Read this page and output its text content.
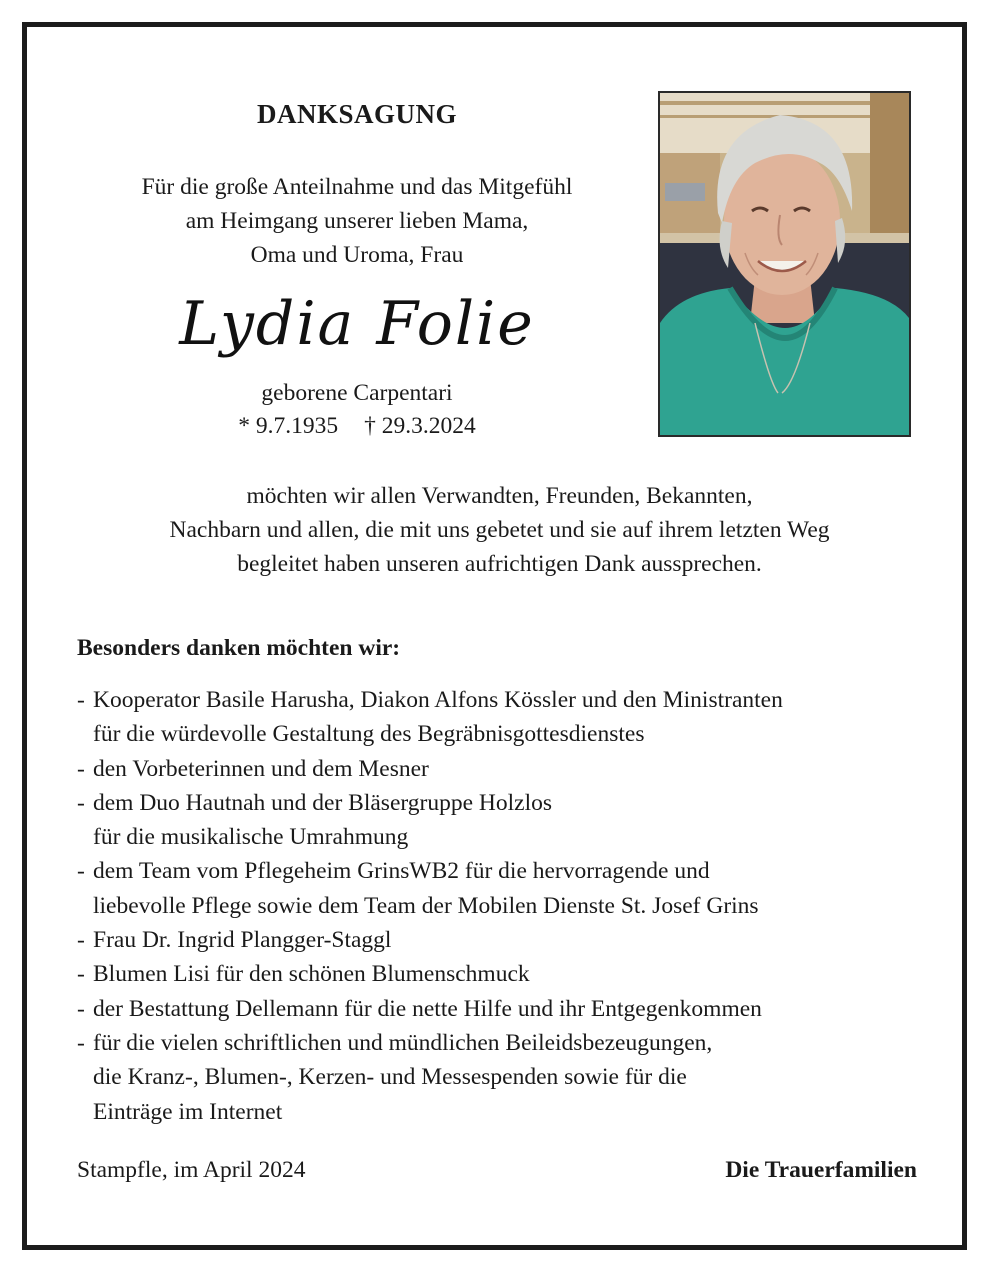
DANKSAGUNG
Für die große Anteilnahme und das Mitgefühl
am Heimgang unserer lieben Mama,
Oma und Uroma, Frau
Lydia Folie
geborene Carpentari
* 9.7.1935 † 29.3.2024
möchten wir allen Verwandten, Freunden, Bekannten,
Nachbarn und allen, die mit uns gebetet und sie auf ihrem letzten Weg
begleitet haben unseren aufrichtigen Dank aussprechen.
Besonders danken möchten wir:
- Kooperator Basile Harusha, Diakon Alfons Kössler und den Ministranten
für die würdevolle Gestaltung des Begräbnisgottesdienstes
- den Vorbeterinnen und dem Mesner
- dem Duo Hautnah und der Bläsergruppe Holzlos
für die musikalische Umrahmung
- dem Team vom Pflegeheim GrinsWB2 für die hervorragende und
liebevolle Pflege sowie dem Team der Mobilen Dienste St. Josef Grins
- Frau Dr. Ingrid Plangger-Staggl
- Blumen Lisi für den schönen Blumenschmuck
- der Bestattung Dellemann für die nette Hilfe und ihr Entgegenkommen
- für die vielen schriftlichen und mündlichen Beileidsbezeugungen,
die Kranz-, Blumen-, Kerzen- und Messespenden sowie für die
Einträge im Internet
Stampfle, im April 2024	Die Trauerfamilien
